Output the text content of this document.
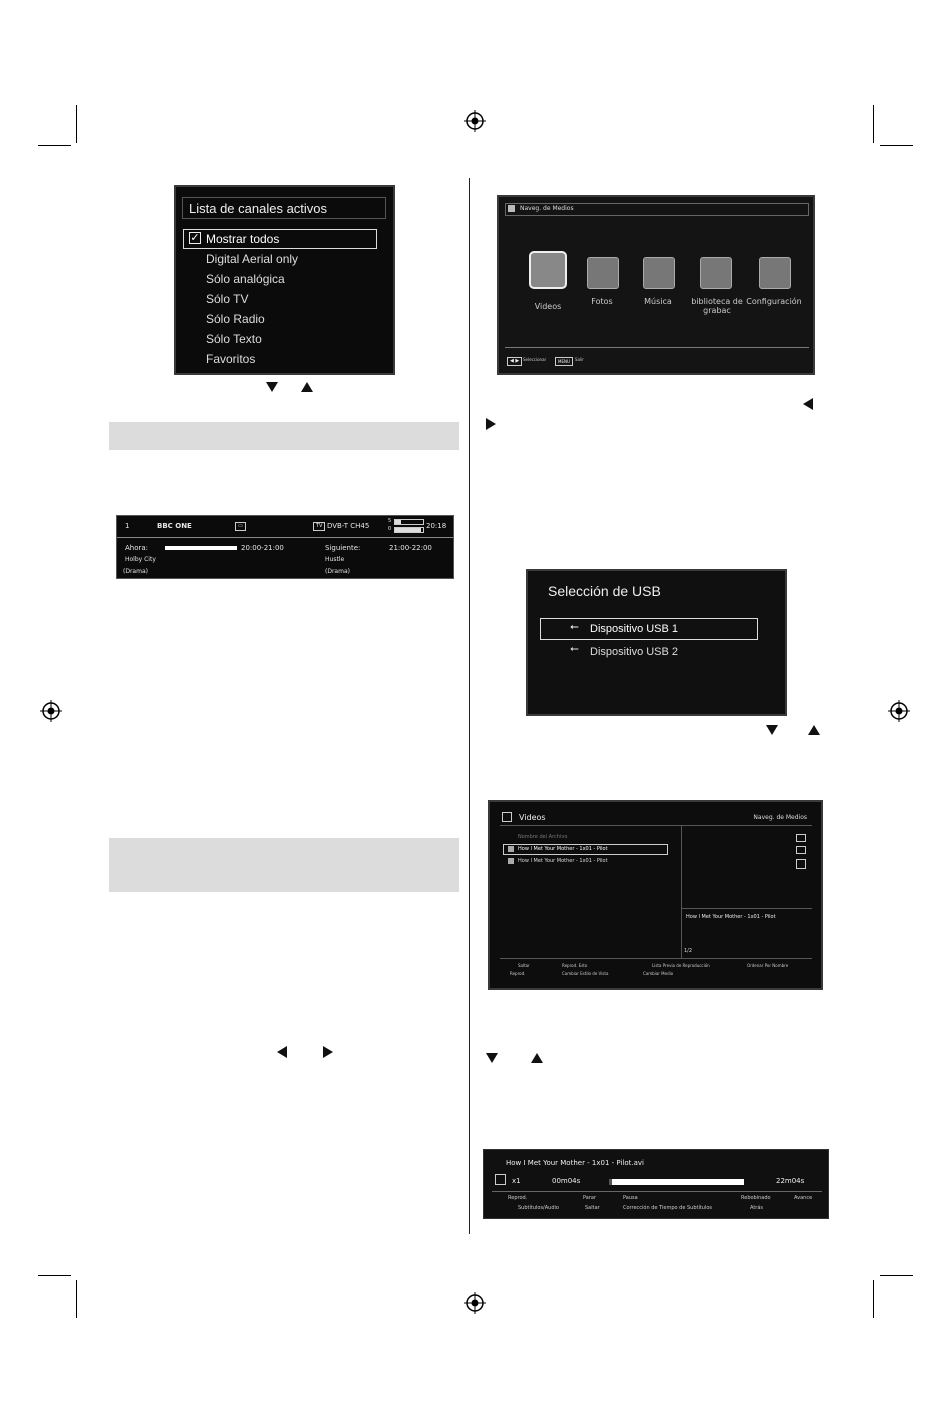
Lista de canales activos
✓ Mostrar todos
Digital Aerial only
Sólo analógica
Sólo TV
Sólo Radio
Sólo Texto
Favoritos
1	BBC ONE	▭	TV DVB-T CH45
5
0	20:18
Ahora:	20:00-21:00
Holby City
(Drama)
Siguiente:	21:00-22:00
Hustle
(Drama)
Naveg. de Medios
Videos
Fotos	Música	biblioteca de grabac
Configuración
◀ ▶ Seleccionar	MENU	Salir
Selección de USB
⭠ Dispositivo USB 1
⭠ Dispositivo USB 2
Videos	Naveg. de Medios
Nombre del Archivo
How I Met Your Mother - 1x01 - Pilot
How I Met Your Mother - 1x01 - Pilot
How I Met Your Mother - 1x01 - Pilot
1/2
Saltar	Reprod. Esto	Lista Previa de Reproducción	Ordenar Por Nombre
Reprod.	Cambiar Estilo de Vista	Cambiar Medio
How I Met Your Mother - 1x01 - Pilot.avi
x1	00m04s	22m04s
Reprod.	Parar	Pausa	Rebobinado	Avance
Subtítulos/Audio	Saltar	Corrección de Tiempo de Subtítulos	Atrás
